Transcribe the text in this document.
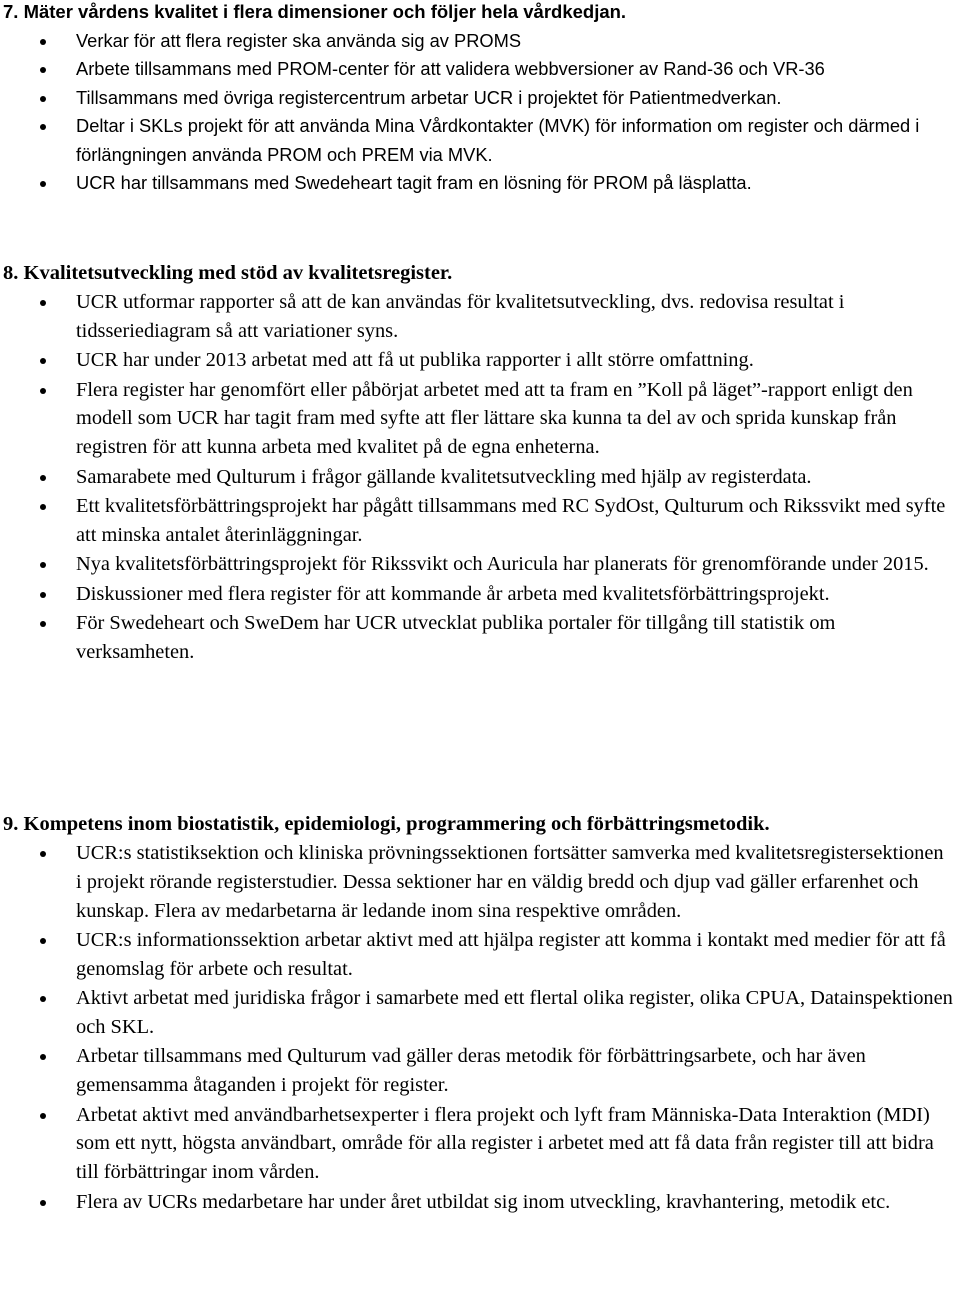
7. Mäter vårdens kvalitet i flera dimensioner och följer hela vårdkedjan.
Verkar för att flera register ska använda sig av PROMS
Arbete tillsammans med PROM-center för att validera webbversioner av Rand-36 och VR-36
Tillsammans med övriga registercentrum arbetar UCR i projektet för Patientmedverkan.
Deltar i SKLs projekt för att använda Mina Vårdkontakter (MVK) för information om register och därmed i förlängningen använda PROM och PREM via MVK.
UCR har tillsammans med Swedeheart tagit fram en lösning för PROM på läsplatta.
8. Kvalitetsutveckling med stöd av kvalitetsregister.
UCR utformar rapporter så att de kan användas för kvalitetsutveckling, dvs. redovisa resultat i tidsseriediagram så att variationer syns.
UCR har under 2013 arbetat med att få ut publika rapporter i allt större omfattning.
Flera register har genomfört eller påbörjat arbetet med att ta fram en ”Koll på läget”-rapport enligt den modell som UCR har tagit fram med syfte att fler lättare ska kunna ta del av och sprida kunskap från registren för att kunna arbeta med kvalitet på de egna enheterna.
Samarabete med Qulturum i frågor gällande kvalitetsutveckling med hjälp av registerdata.
Ett kvalitetsförbättringsprojekt har pågått tillsammans med RC SydOst, Qulturum och Rikssvikt med syfte att minska antalet återinläggningar.
Nya kvalitetsförbättringsprojekt för Rikssvikt och Auricula har planerats för grenomförande under 2015.
Diskussioner med flera register för att kommande år arbeta med kvalitetsförbättringsprojekt.
För Swedeheart och SweDem har UCR utvecklat publika portaler för tillgång till statistik om verksamheten.
9. Kompetens inom biostatistik, epidemiologi, programmering och förbättringsmetodik.
UCR:s statistiksektion och kliniska prövningssektionen fortsätter samverka med kvalitetsregistersektionen i projekt rörande registerstudier. Dessa sektioner har en väldig bredd och djup vad gäller erfarenhet och kunskap. Flera av medarbetarna är ledande inom sina respektive områden.
UCR:s informationssektion arbetar aktivt med att hjälpa register att komma i kontakt med medier för att få genomslag för arbete och resultat.
Aktivt arbetat med juridiska frågor i samarbete med ett flertal olika register, olika CPUA, Datainspektionen och SKL.
Arbetar tillsammans med Qulturum vad gäller deras metodik för förbättringsarbete, och har även gemensamma åtaganden i projekt för register.
Arbetat aktivt med användbarhetsexperter i flera projekt och lyft fram Människa-Data Interaktion (MDI) som ett nytt, högsta användbart, område för alla register i arbetet med att få data från register till att bidra till förbättringar inom vården.
Flera av UCRs medarbetare har under året utbildat sig inom utveckling, kravhantering, metodik etc.
